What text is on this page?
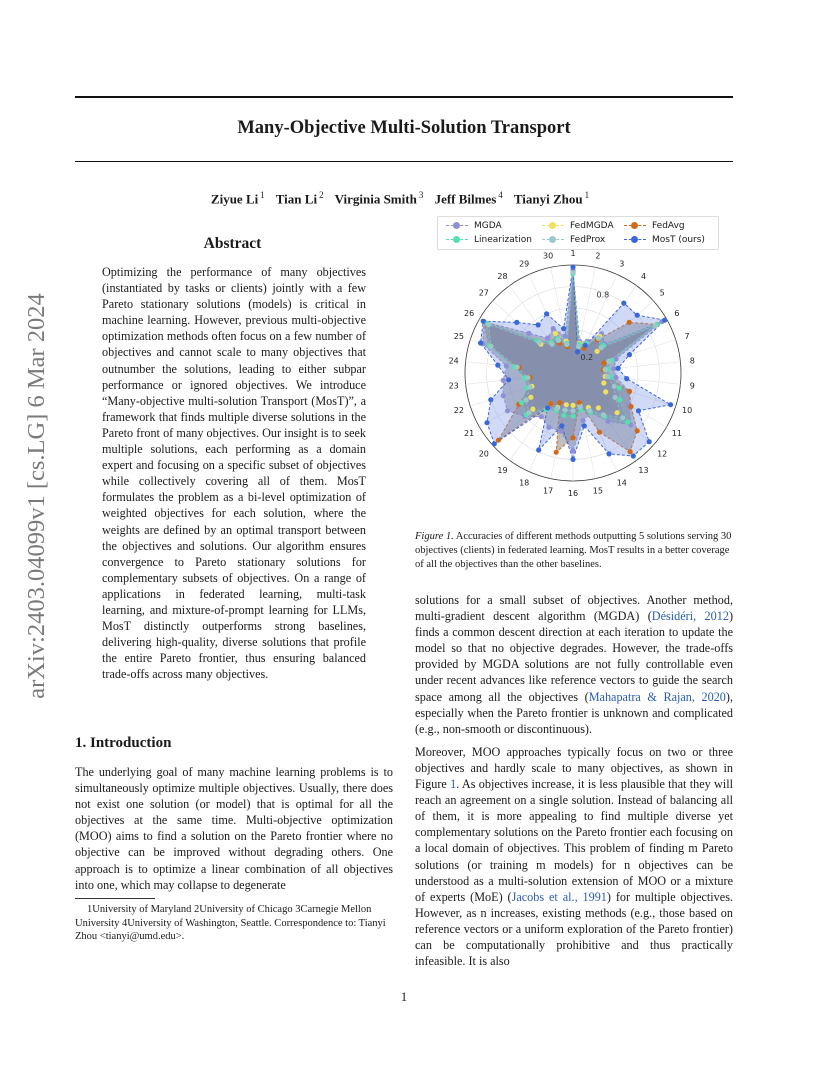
Many-Objective Multi-Solution Transport
Ziyue Li $^1$ Tian Li $^2$ Virginia Smith $^3$ Jeff Bilmes $^4$ Tianyi Zhou $^1$
arXiv:2403.04099v1 [cs.LG] 6 Mar 2024
Abstract

Optimizing the performance of many objectives (instantiated by tasks or clients) jointly with a few Pareto stationary solutions (models) is critical in machine learning. However, previous multi-objective optimization methods often focus on a few number of objectives and cannot scale to many objectives that outnumber the solutions, leading to either subpar performance or ignored objectives. We introduce “Many-objective multi-solution Transport (MosT)”, a framework that finds multiple diverse solutions in the Pareto front of many objectives. Our insight is to seek multiple solutions, each performing as a domain expert and focusing on a specific subset of objectives while collectively covering all of them. MosT formulates the problem as a bi-level optimization of weighted objectives for each solution, where the weights are defined by an optimal transport between the objectives and solutions. Our algorithm ensures convergence to Pareto stationary solutions for complementary subsets of objectives. On a range of applications in federated learning, multi-task learning, and mixture-of-prompt learning for LLMs, MosT distinctly outperforms strong baselines, delivering high-quality, diverse solutions that profile the entire Pareto frontier, thus ensuring balanced trade-offs across many objectives.

1. Introduction

The underlying goal of many machine learning problems is to simultaneously optimize multiple objectives. Usually, there does not exist one solution (or model) that is optimal for all the objectives at the same time. Multi-objective optimization (MOO) aims to find a solution on the Pareto frontier where no objective can be improved without degrading others. One approach is to optimize a linear combination of all objectives into one, which may collapse to degenerate

1University of Maryland 2University of Chicago 3Carnegie Mellon University 4University of Washington, Seattle. Correspondence to: Tianyi Zhou <tianyi@umd.edu>.

MGDA	FedMGDA	FedAvg
Linearization	FedProx	MosT (ours)
0.2
0.8
1 2
3
4
5
6
7
8
9
10
11
12
13
14
15
16
17
18
19
20
21
22
23
24
25
26
27
28
29
30
Figure 1. Accuracies of different methods outputting 5 solutions serving 30 objectives (clients) in federated learning. MosT results in a better coverage of all the objectives than the other baselines.

solutions for a small subset of objectives. Another method, multi-gradient descent algorithm (MGDA) (Désidéri, 2012) finds a common descent direction at each iteration to update the model so that no objective degrades. However, the trade-offs provided by MGDA solutions are not fully controllable even under recent advances like reference vectors to guide the search space among all the objectives (Mahapatra & Rajan, 2020), especially when the Pareto frontier is unknown and complicated (e.g., non-smooth or discontinuous).

Moreover, MOO approaches typically focus on two or three objectives and hardly scale to many objectives, as shown in Figure 1. As objectives increase, it is less plausible that they will reach an agreement on a single solution. Instead of balancing all of them, it is more appealing to find multiple diverse yet complementary solutions on the Pareto frontier each focusing on a local domain of objectives. This problem of finding m Pareto solutions (or training m models) for n objectives can be understood as a multi-solution extension of MOO or a mixture of experts (MoE) (Jacobs et al., 1991) for multiple objectives. However, as n increases, existing methods (e.g., those based on reference vectors or a uniform exploration of the Pareto frontier) can be computationally prohibitive and thus practically infeasible. It is also

1
